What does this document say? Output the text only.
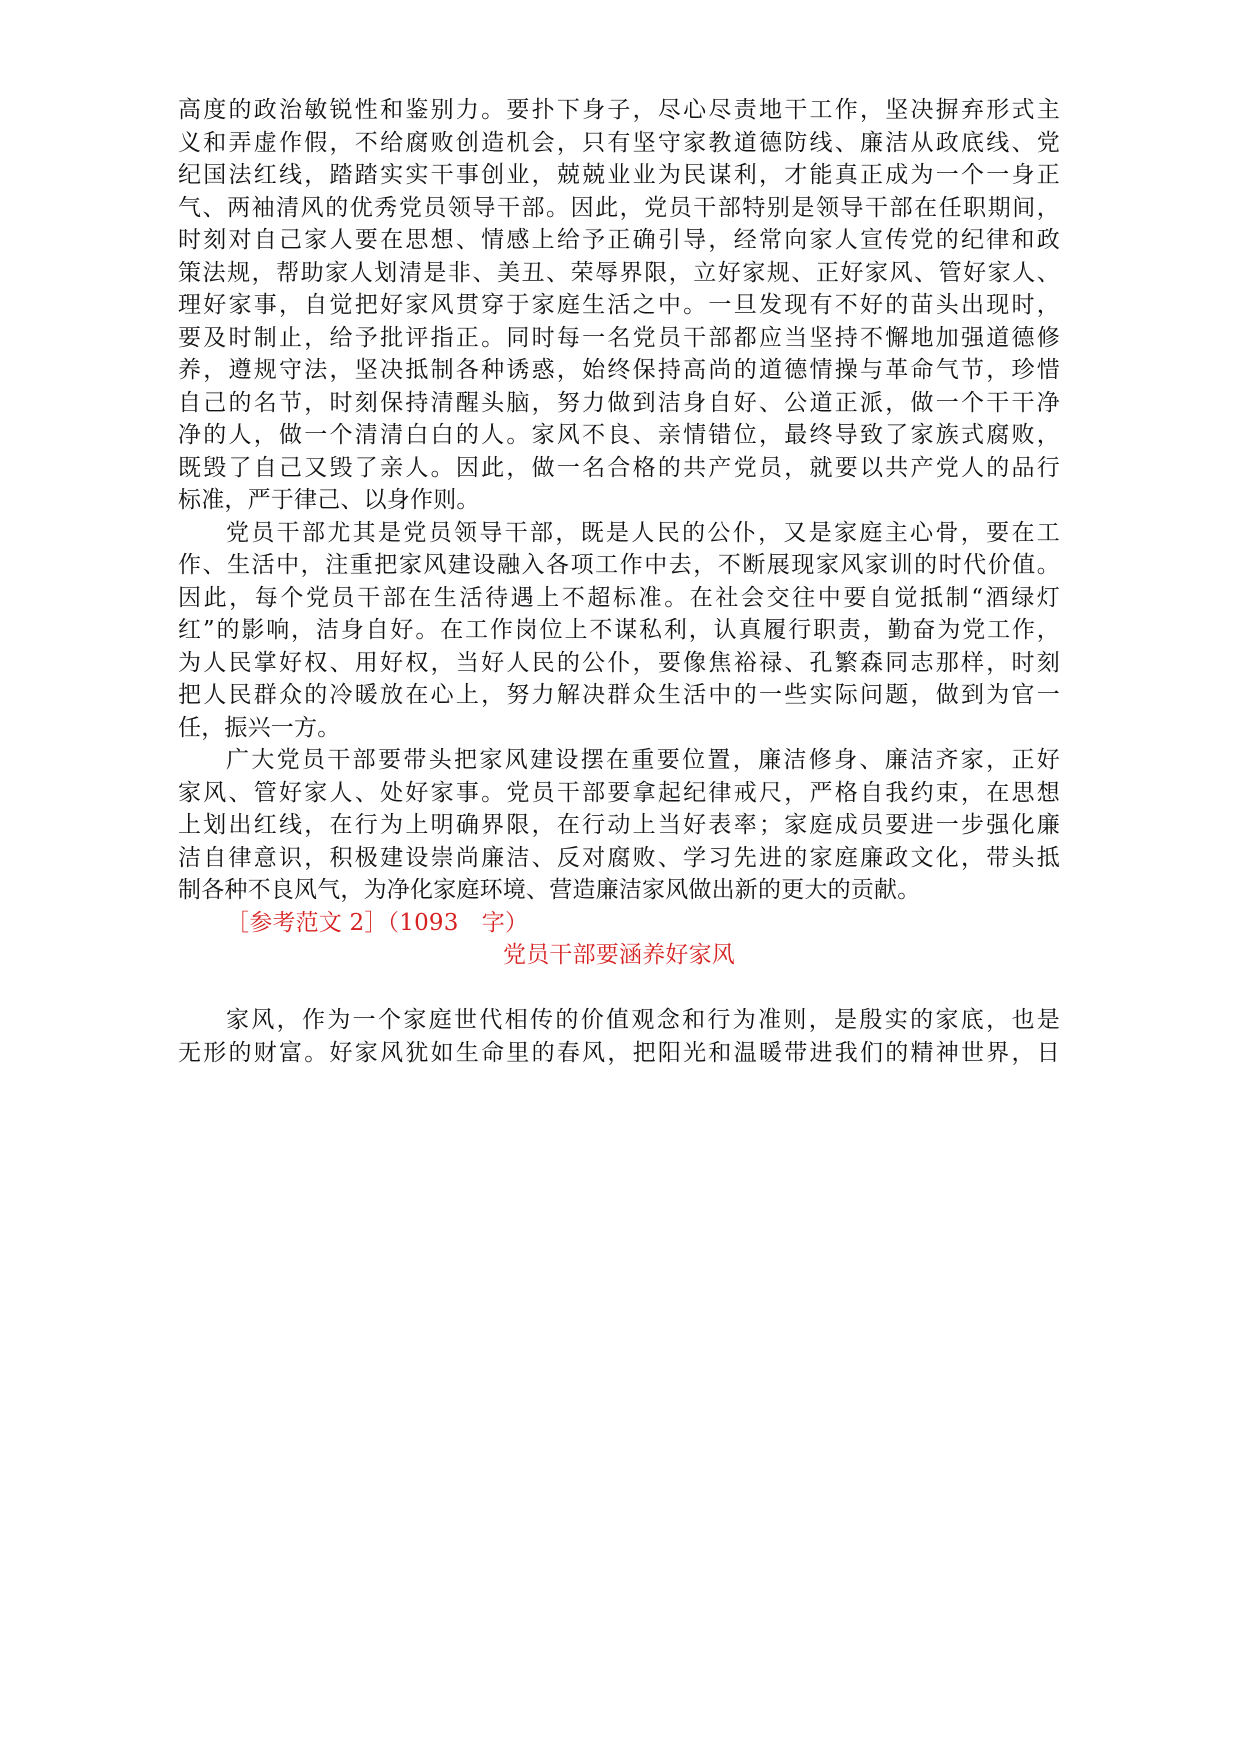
高度的政治敏锐性和鉴别力。要扑下身子，尽心尽责地干工作，坚决摒弃形式主
义和弄虚作假，不给腐败创造机会，只有坚守家教道德防线、廉洁从政底线、党
纪国法红线，踏踏实实干事创业，兢兢业业为民谋利，才能真正成为一个一身正
气、两袖清风的优秀党员领导干部。因此，党员干部特别是领导干部在任职期间，
时刻对自己家人要在思想、情感上给予正确引导，经常向家人宣传党的纪律和政
策法规，帮助家人划清是非、美丑、荣辱界限，立好家规、正好家风、管好家人、
理好家事，自觉把好家风贯穿于家庭生活之中。一旦发现有不好的苗头出现时，
要及时制止，给予批评指正。同时每一名党员干部都应当坚持不懈地加强道德修
养，遵规守法，坚决抵制各种诱惑，始终保持高尚的道德情操与革命气节，珍惜
自己的名节，时刻保持清醒头脑，努力做到洁身自好、公道正派，做一个干干净
净的人，做一个清清白白的人。家风不良、亲情错位，最终导致了家族式腐败，
既毁了自己又毁了亲人。因此，做一名合格的共产党员，就要以共产党人的品行
标准，严于律己、以身作则。
党员干部尤其是党员领导干部，既是人民的公仆，又是家庭主心骨，要在工
作、生活中，注重把家风建设融入各项工作中去，不断展现家风家训的时代价值。
因此，每个党员干部在生活待遇上不超标准。在社会交往中要自觉抵制“酒绿灯
红”的影响，洁身自好。在工作岗位上不谋私利，认真履行职责，勤奋为党工作，
为人民掌好权、用好权，当好人民的公仆，要像焦裕禄、孔繁森同志那样，时刻
把人民群众的冷暖放在心上，努力解决群众生活中的一些实际问题，做到为官一
任，振兴一方。
广大党员干部要带头把家风建设摆在重要位置，廉洁修身、廉洁齐家，正好
家风、管好家人、处好家事。党员干部要拿起纪律戒尺，严格自我约束，在思想
上划出红线，在行为上明确界限，在行动上当好表率；家庭成员要进一步强化廉
洁自律意识，积极建设崇尚廉洁、反对腐败、学习先进的家庭廉政文化，带头抵
制各种不良风气，为净化家庭环境、营造廉洁家风做出新的更大的贡献。
［参考范文 2］（1093　字）
党员干部要涵养好家风
家风，作为一个家庭世代相传的价值观念和行为准则，是殷实的家底，也是
无形的财富。好家风犹如生命里的春风，把阳光和温暖带进我们的精神世界，日
